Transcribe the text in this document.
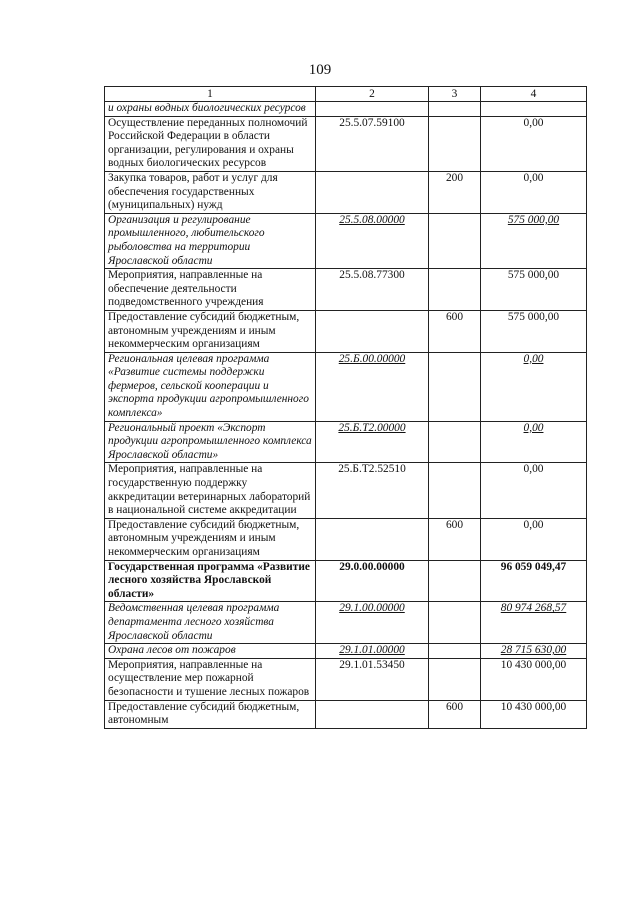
109
1	2	3	4
и охраны водных биологических ресурсов			
Осуществление переданных полномочий Российской Федерации в области организации, регулирования и охраны водных биологических ресурсов	25.5.07.59100		0,00
Закупка товаров, работ и услуг для обеспечения государственных (муниципальных) нужд		200	0,00
Организация и регулирование промышленного, любительского рыболовства на территории Ярославской области	25.5.08.00000		575 000,00
Мероприятия, направленные на обеспечение деятельности подведомственного учреждения	25.5.08.77300		575 000,00
Предоставление субсидий бюджетным, автономным учреждениям и иным некоммерческим организациям		600	575 000,00
Региональная целевая программа «Развитие системы поддержки фермеров, сельской кооперации и экспорта продукции агропромышленного комплекса»	25.Б.00.00000		0,00
Региональный проект «Экспорт продукции агропромышленного комплекса Ярославской области»	25.Б.Т2.00000		0,00
Мероприятия, направленные на государственную поддержку аккредитации ветеринарных лабораторий в национальной системе аккредитации	25.Б.Т2.52510		0,00
Предоставление субсидий бюджетным, автономным учреждениям и иным некоммерческим организациям		600	0,00
Государственная программа «Развитие лесного хозяйства Ярославской области»	29.0.00.00000		96 059 049,47
Ведомственная целевая программа департамента лесного хозяйства Ярославской области	29.1.00.00000		80 974 268,57
Охрана лесов от пожаров	29.1.01.00000		28 715 630,00
Мероприятия, направленные на осуществление мер пожарной безопасности и тушение лесных пожаров	29.1.01.53450		10 430 000,00
Предоставление субсидий бюджетным, автономным		600	10 430 000,00
